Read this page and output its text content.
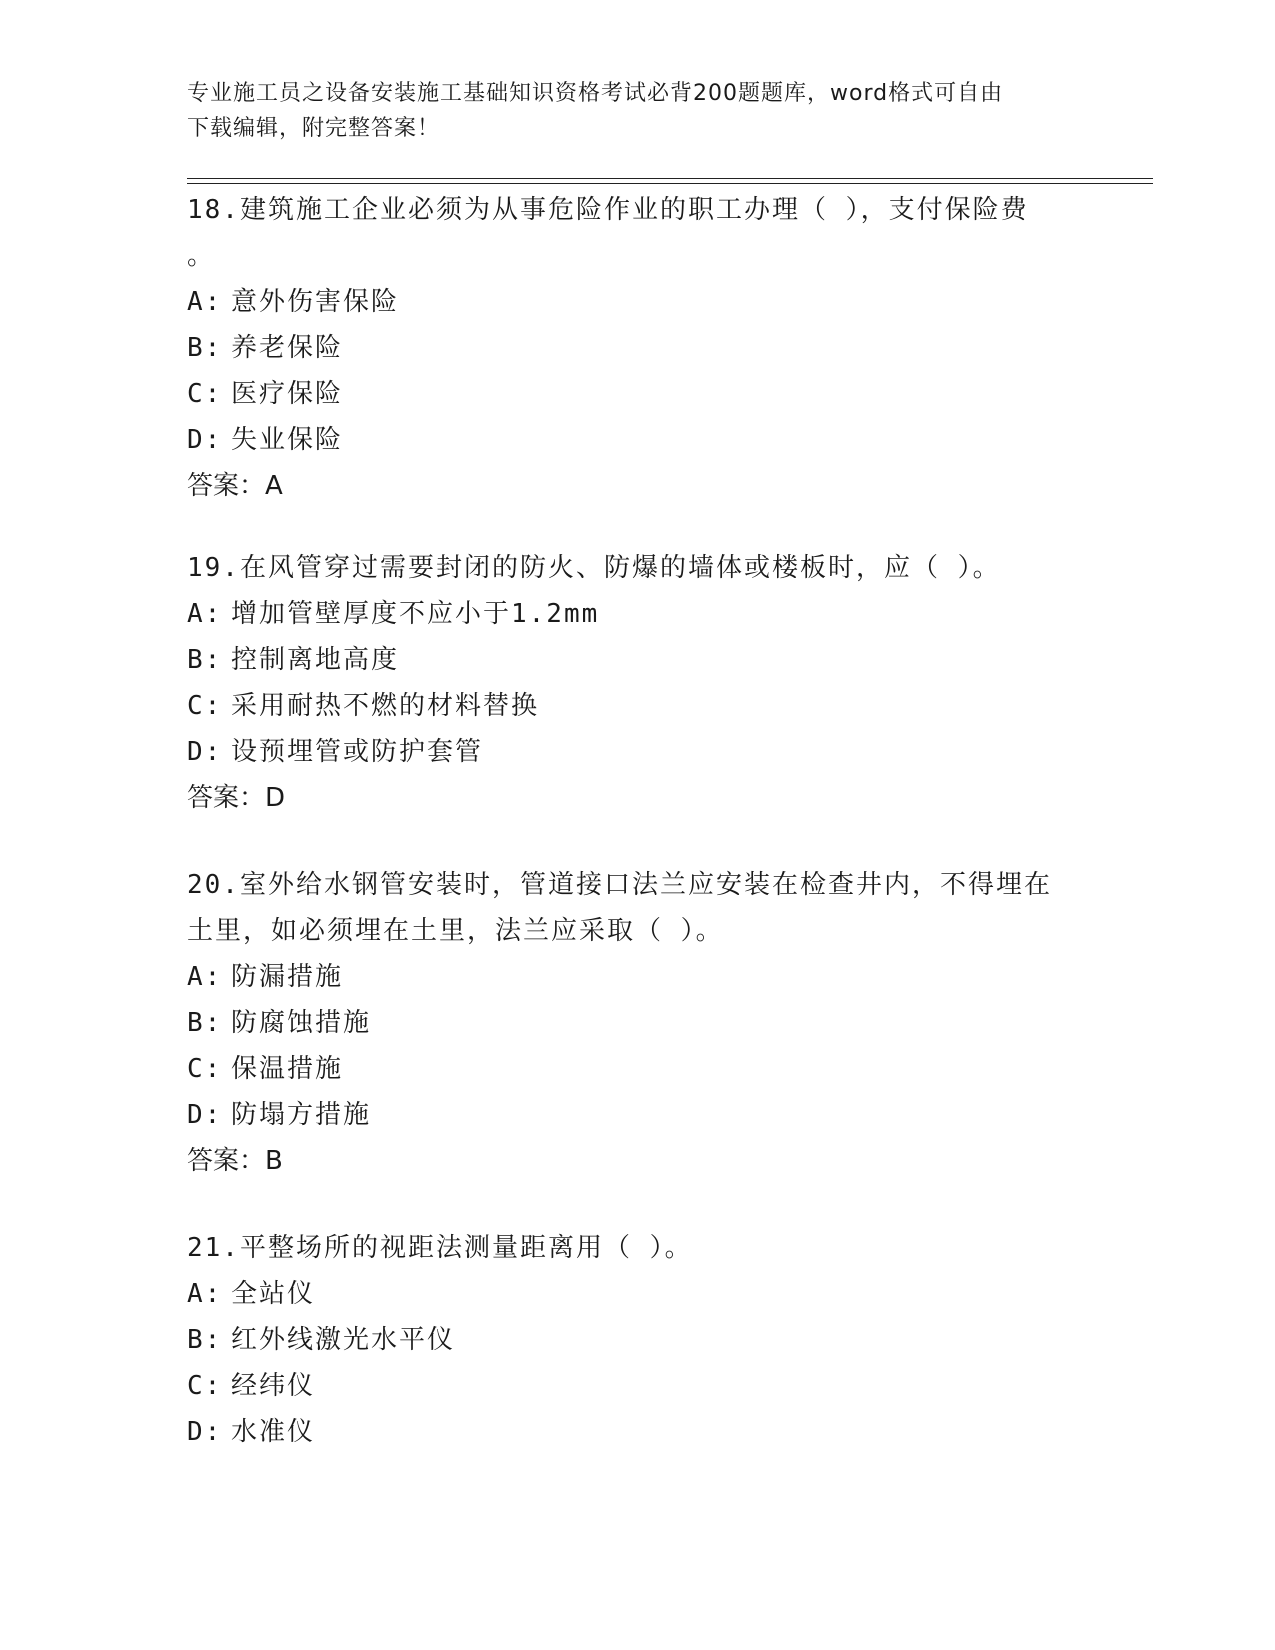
专业施工员之设备安装施工基础知识资格考试必背200题题库，word格式可自由
下载编辑，附完整答案！

18.建筑施工企业必须为从事危险作业的职工办理（ ），支付保险费

。

A: 意外伤害保险

B: 养老保险

C: 医疗保险

D: 失业保险

答案：A

19.在风管穿过需要封闭的防火、防爆的墙体或楼板时，应（ ）。

A: 增加管壁厚度不应小于1.2mm

B: 控制离地高度

C: 采用耐热不燃的材料替换

D: 设预埋管或防护套管

答案：D

20.室外给水钢管安装时，管道接口法兰应安装在检查井内，不得埋在

土里，如必须埋在土里，法兰应采取（ ）。

A: 防漏措施

B: 防腐蚀措施

C: 保温措施

D: 防塌方措施

答案：B

21.平整场所的视距法测量距离用（ ）。

A: 全站仪

B: 红外线激光水平仪

C: 经纬仪

D: 水准仪
